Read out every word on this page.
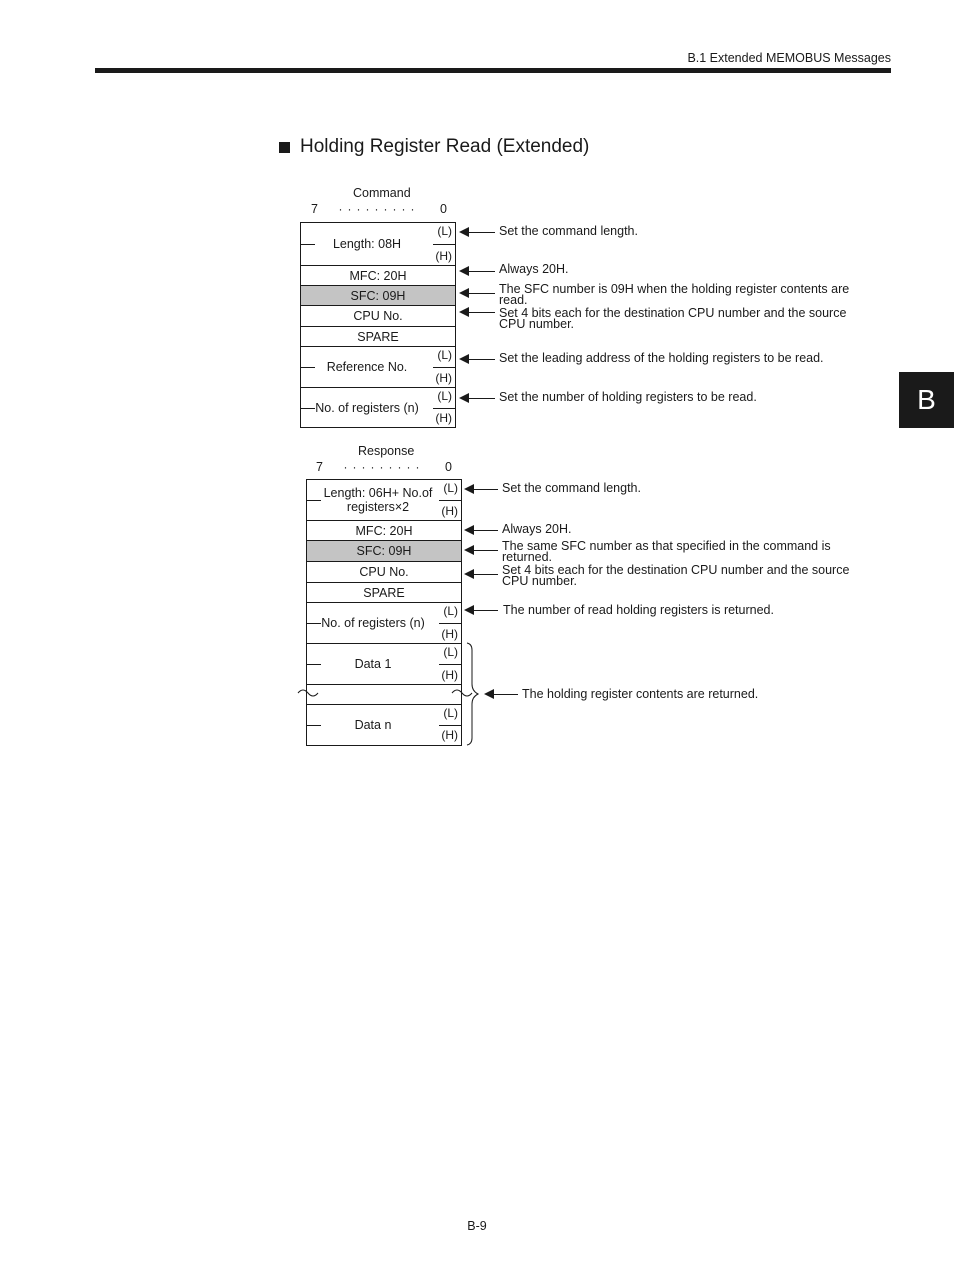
B.1 Extended MEMOBUS Messages
B
Holding Register Read (Extended)
Command
7 ········· 0
Length: 08H
(L)
(H)
MFC: 20H
SFC: 09H
CPU No.
SPARE
Reference No.
(L)
(H)
No. of registers (n)
(L)
(H)
Set the command length.
Always 20H.
The SFC number is 09H when the holding register contents are read.
Set 4 bits each for the destination CPU number and the source CPU number.
Set the leading address of the holding registers to be read.
Set the number of holding registers to be read.
Response
7 ········· 0
Length: 06H+ No.of registers×2
(L)
(H)
MFC: 20H
SFC: 09H
CPU No.
SPARE
No. of registers (n)
(L)
(H)
Data 1
(L)
(H)
Data n
(L)
(H)
Set the command length.
Always 20H.
The same SFC number as that specified in the command is returned.
Set 4 bits each for the destination CPU number and the source CPU number.
The number of read holding registers is returned.
The holding register contents are returned.
B-9
